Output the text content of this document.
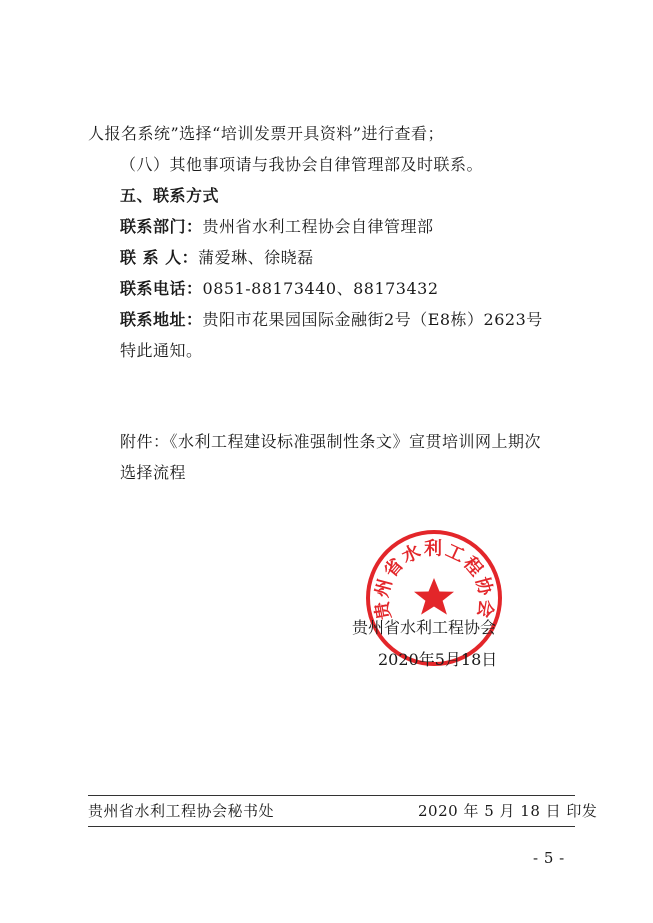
人报名系统”选择“培训发票开具资料”进行查看；
（八）其他事项请与我协会自律管理部及时联系。
五、联系方式
联系部门：贵州省水利工程协会自律管理部
联 系 人：蒲爱琳、徐晓磊
联系电话：0851-88173440、88173432
联系地址：贵阳市花果园国际金融街2号（E8栋）2623号
特此通知。
附件：《水利工程建设标准强制性条文》宣贯培训网上期次
选择流程
贵州省水利工程协会
贵州省水利工程协会
2020年5月18日
贵州省水利工程协会秘书处	2020 年 5 月 18 日 印发
- 5 -
